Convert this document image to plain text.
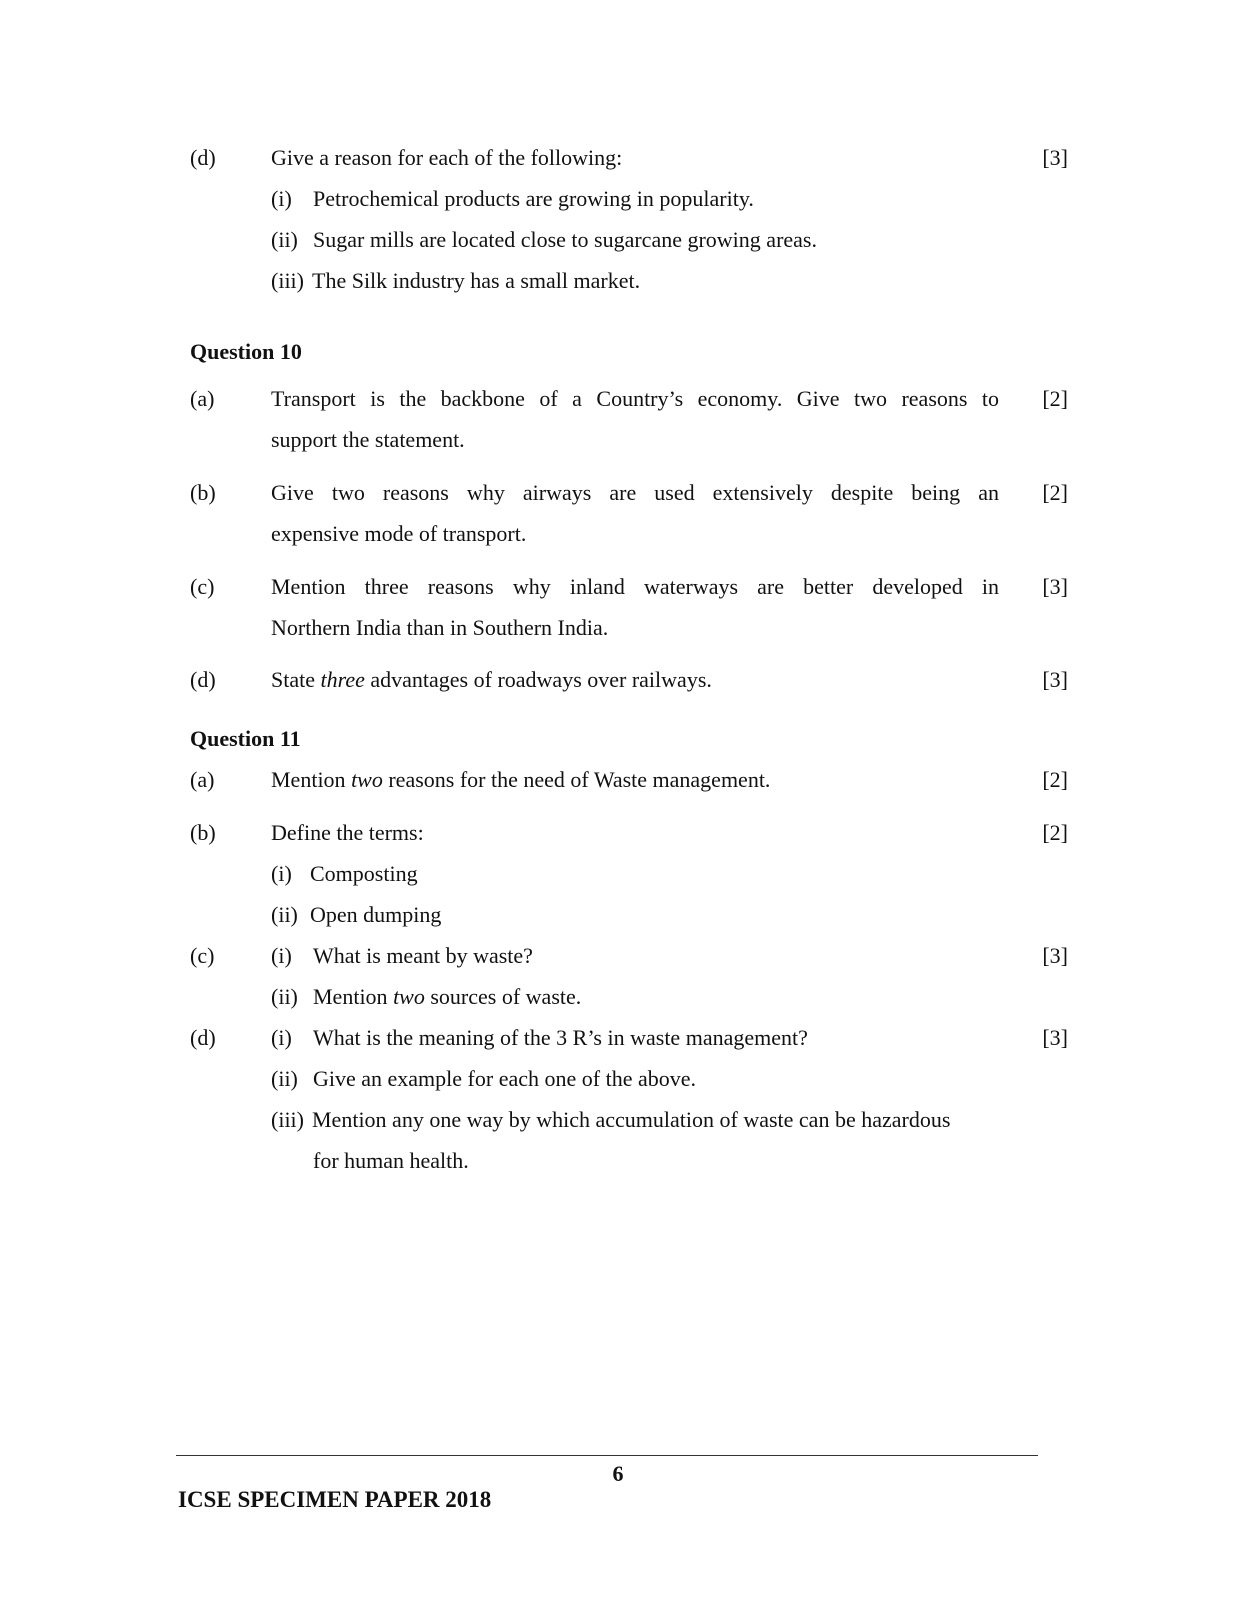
(d)	Give a reason for each of the following:	[3]
(i) Petrochemical products are growing in popularity.
(ii) Sugar mills are located close to sugarcane growing areas.
(iii) The Silk industry has a small market.
Question 10
(a)	Transport is the backbone of a Country’s economy. Give two reasons to
support the statement.
[2]
(b)	Give two reasons why airways are used extensively despite being an
expensive mode of transport.
[2]
(c)	Mention three reasons why inland waterways are better developed in
Northern India than in Southern India.
[3]
(d)	State three advantages of roadways over railways.	[3]
Question 11
(a)	Mention two reasons for the need of Waste management.	[2]
(b)	Define the terms:	[2]
(i) Composting
(ii) Open dumping
(c)	(i) What is meant by waste?	[3]
(ii) Mention two sources of waste.
(d)	(i) What is the meaning of the 3 R’s in waste management?	[3]
(ii) Give an example for each one of the above.
(iii) Mention any one way by which accumulation of waste can be hazardous
for human health.
6
ICSE SPECIMEN PAPER 2018
